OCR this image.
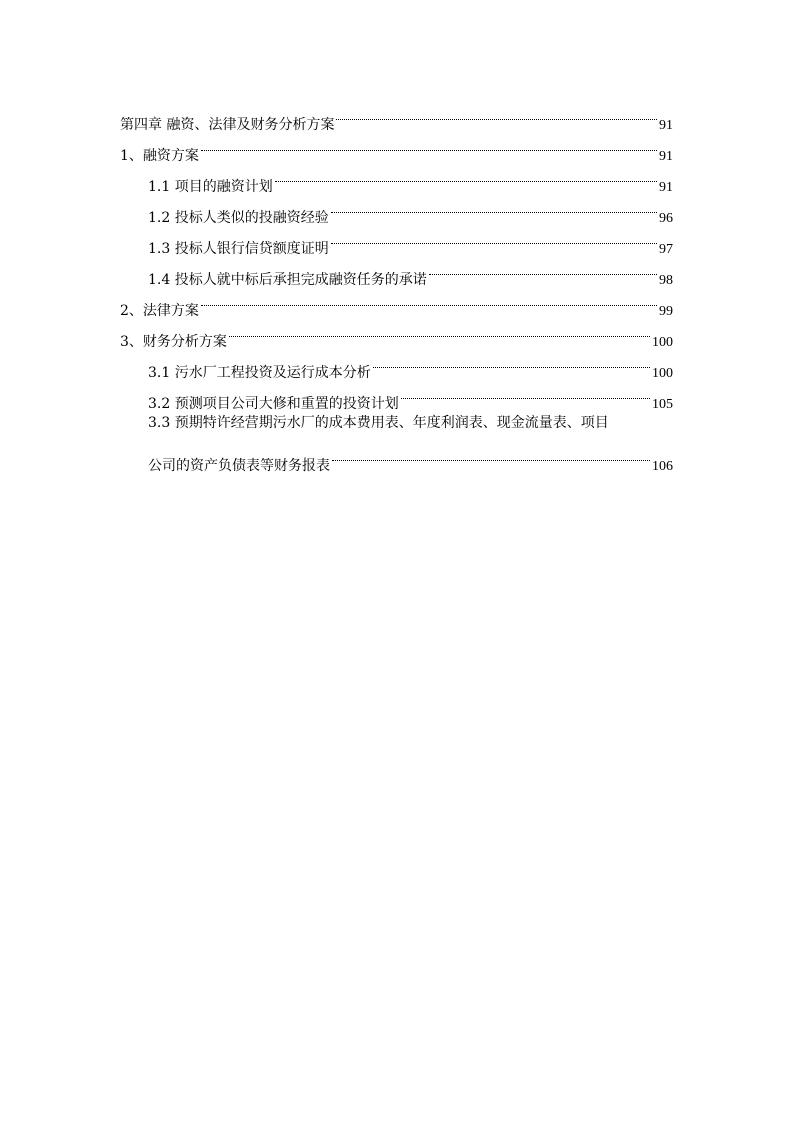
第四章 融资、法律及财务分析方案	91
1、融资方案	91
1.1 项目的融资计划	91
1.2 投标人类似的投融资经验	96
1.3 投标人银行信贷额度证明	97
1.4 投标人就中标后承担完成融资任务的承诺	98
2、法律方案	99
3、财务分析方案	100
3.1 污水厂工程投资及运行成本分析	100
3.2 预测项目公司大修和重置的投资计划	105
3.3 预期特许经营期污水厂的成本费用表、年度利润表、现金流量表、项目
公司的资产负债表等财务报表	106
